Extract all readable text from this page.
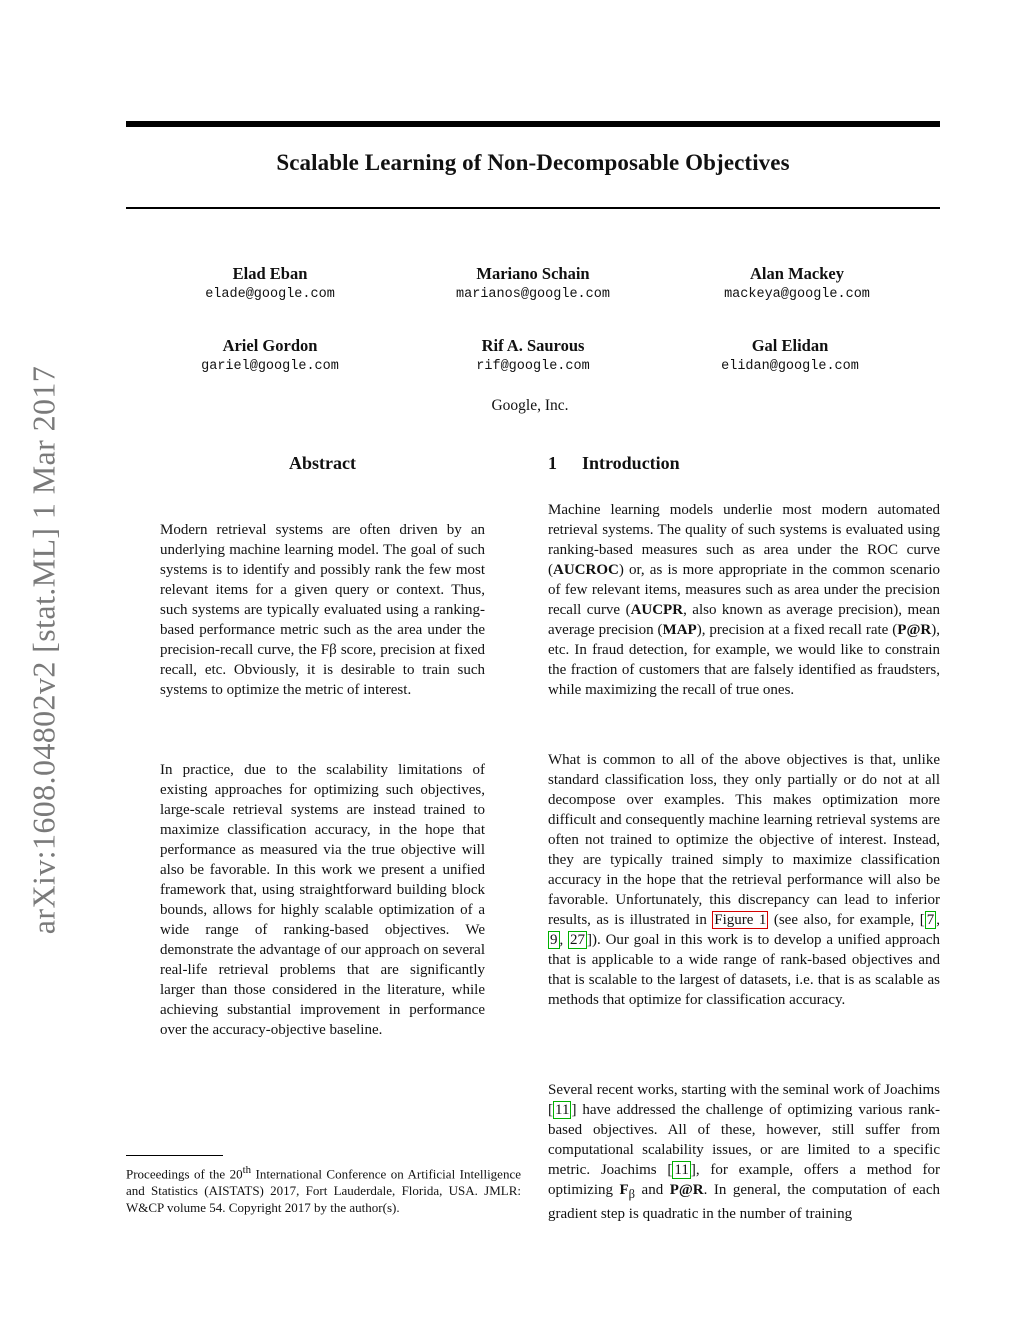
Scalable Learning of Non-Decomposable Objectives
Elad Eban
elade@google.com
Mariano Schain
marianos@google.com
Alan Mackey
mackeya@google.com
Ariel Gordon
gariel@google.com
Rif A. Saurous
rif@google.com
Gal Elidan
elidan@google.com
Google, Inc.
arXiv:1608.04802v2 [stat.ML] 1 Mar 2017	Abstract
Modern retrieval systems are often driven by an underlying machine learning model. The goal of such systems is to identify and possibly rank the few most relevant items for a given query or context. Thus, such systems are typically evaluated using a ranking-based performance metric such as the area under the precision-recall curve, the Fβ score, precision at fixed recall, etc. Obviously, it is desirable to train such systems to optimize the metric of interest.
In practice, due to the scalability limitations of existing approaches for optimizing such objectives, large-scale retrieval systems are instead trained to maximize classification accuracy, in the hope that performance as measured via the true objective will also be favorable. In this work we present a unified framework that, using straightforward building block bounds, allows for highly scalable optimization of a wide range of ranking-based objectives. We demonstrate the advantage of our approach on several real-life retrieval problems that are significantly larger than those considered in the literature, while achieving substantial improvement in performance over the accuracy-objective baseline.
1 Introduction
Machine learning models underlie most modern automated retrieval systems. The quality of such systems is evaluated using ranking-based measures such as area under the ROC curve (AUCROC) or, as is more appropriate in the common scenario of few relevant items, measures such as area under the precision recall curve (AUCPR, also known as average precision), mean average precision (MAP), precision at a fixed recall rate (P@R), etc. In fraud detection, for example, we would like to constrain the fraction of customers that are falsely identified as fraudsters, while maximizing the recall of true ones.
What is common to all of the above objectives is that, unlike standard classification loss, they only partially or do not at all decompose over examples. This makes optimization more difficult and consequently machine learning retrieval systems are often not trained to optimize the objective of interest. Instead, they are typically trained simply to maximize classification accuracy in the hope that the retrieval performance will also be favorable. Unfortunately, this discrepancy can lead to inferior results, as is illustrated in Figure 1 (see also, for example, [ 7 , 9 , 27 ]). Our goal in this work is to develop a unified approach that is applicable to a wide range of rank-based objectives and that is scalable to the largest of datasets, i.e. that is as scalable as methods that optimize for classification accuracy.
Several recent works, starting with the seminal work of Joachims [ 11 ] have addressed the challenge of optimizing various rank-based objectives. All of these, however, still suffer from computational scalability issues, or are limited to a specific metric. Joachims [ 11 ], for example, offers a method for optimizing $F_\beta$ and P@R. In general, the computation of each gradient step is quadratic in the number of training
Proceedings of the 20th International Conference on Artificial Intelligence and Statistics (AISTATS) 2017, Fort Lauderdale, Florida, USA. JMLR: W&CP volume 54. Copyright 2017 by the author(s).
